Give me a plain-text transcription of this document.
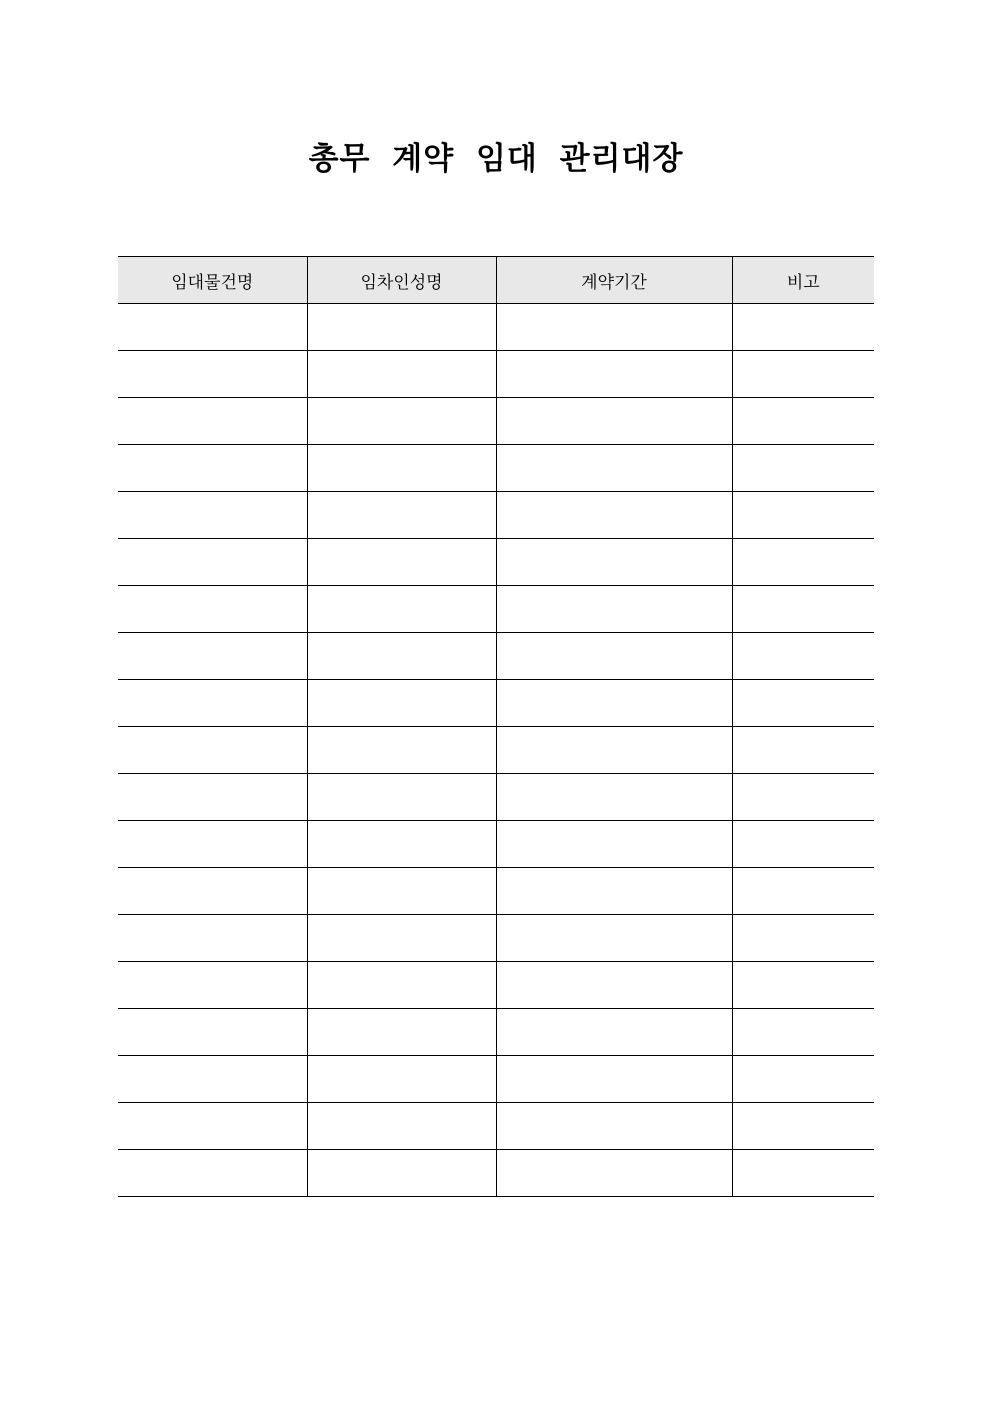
총무 계약 임대 관리대장
임대물건명	임차인성명	계약기간	비고
